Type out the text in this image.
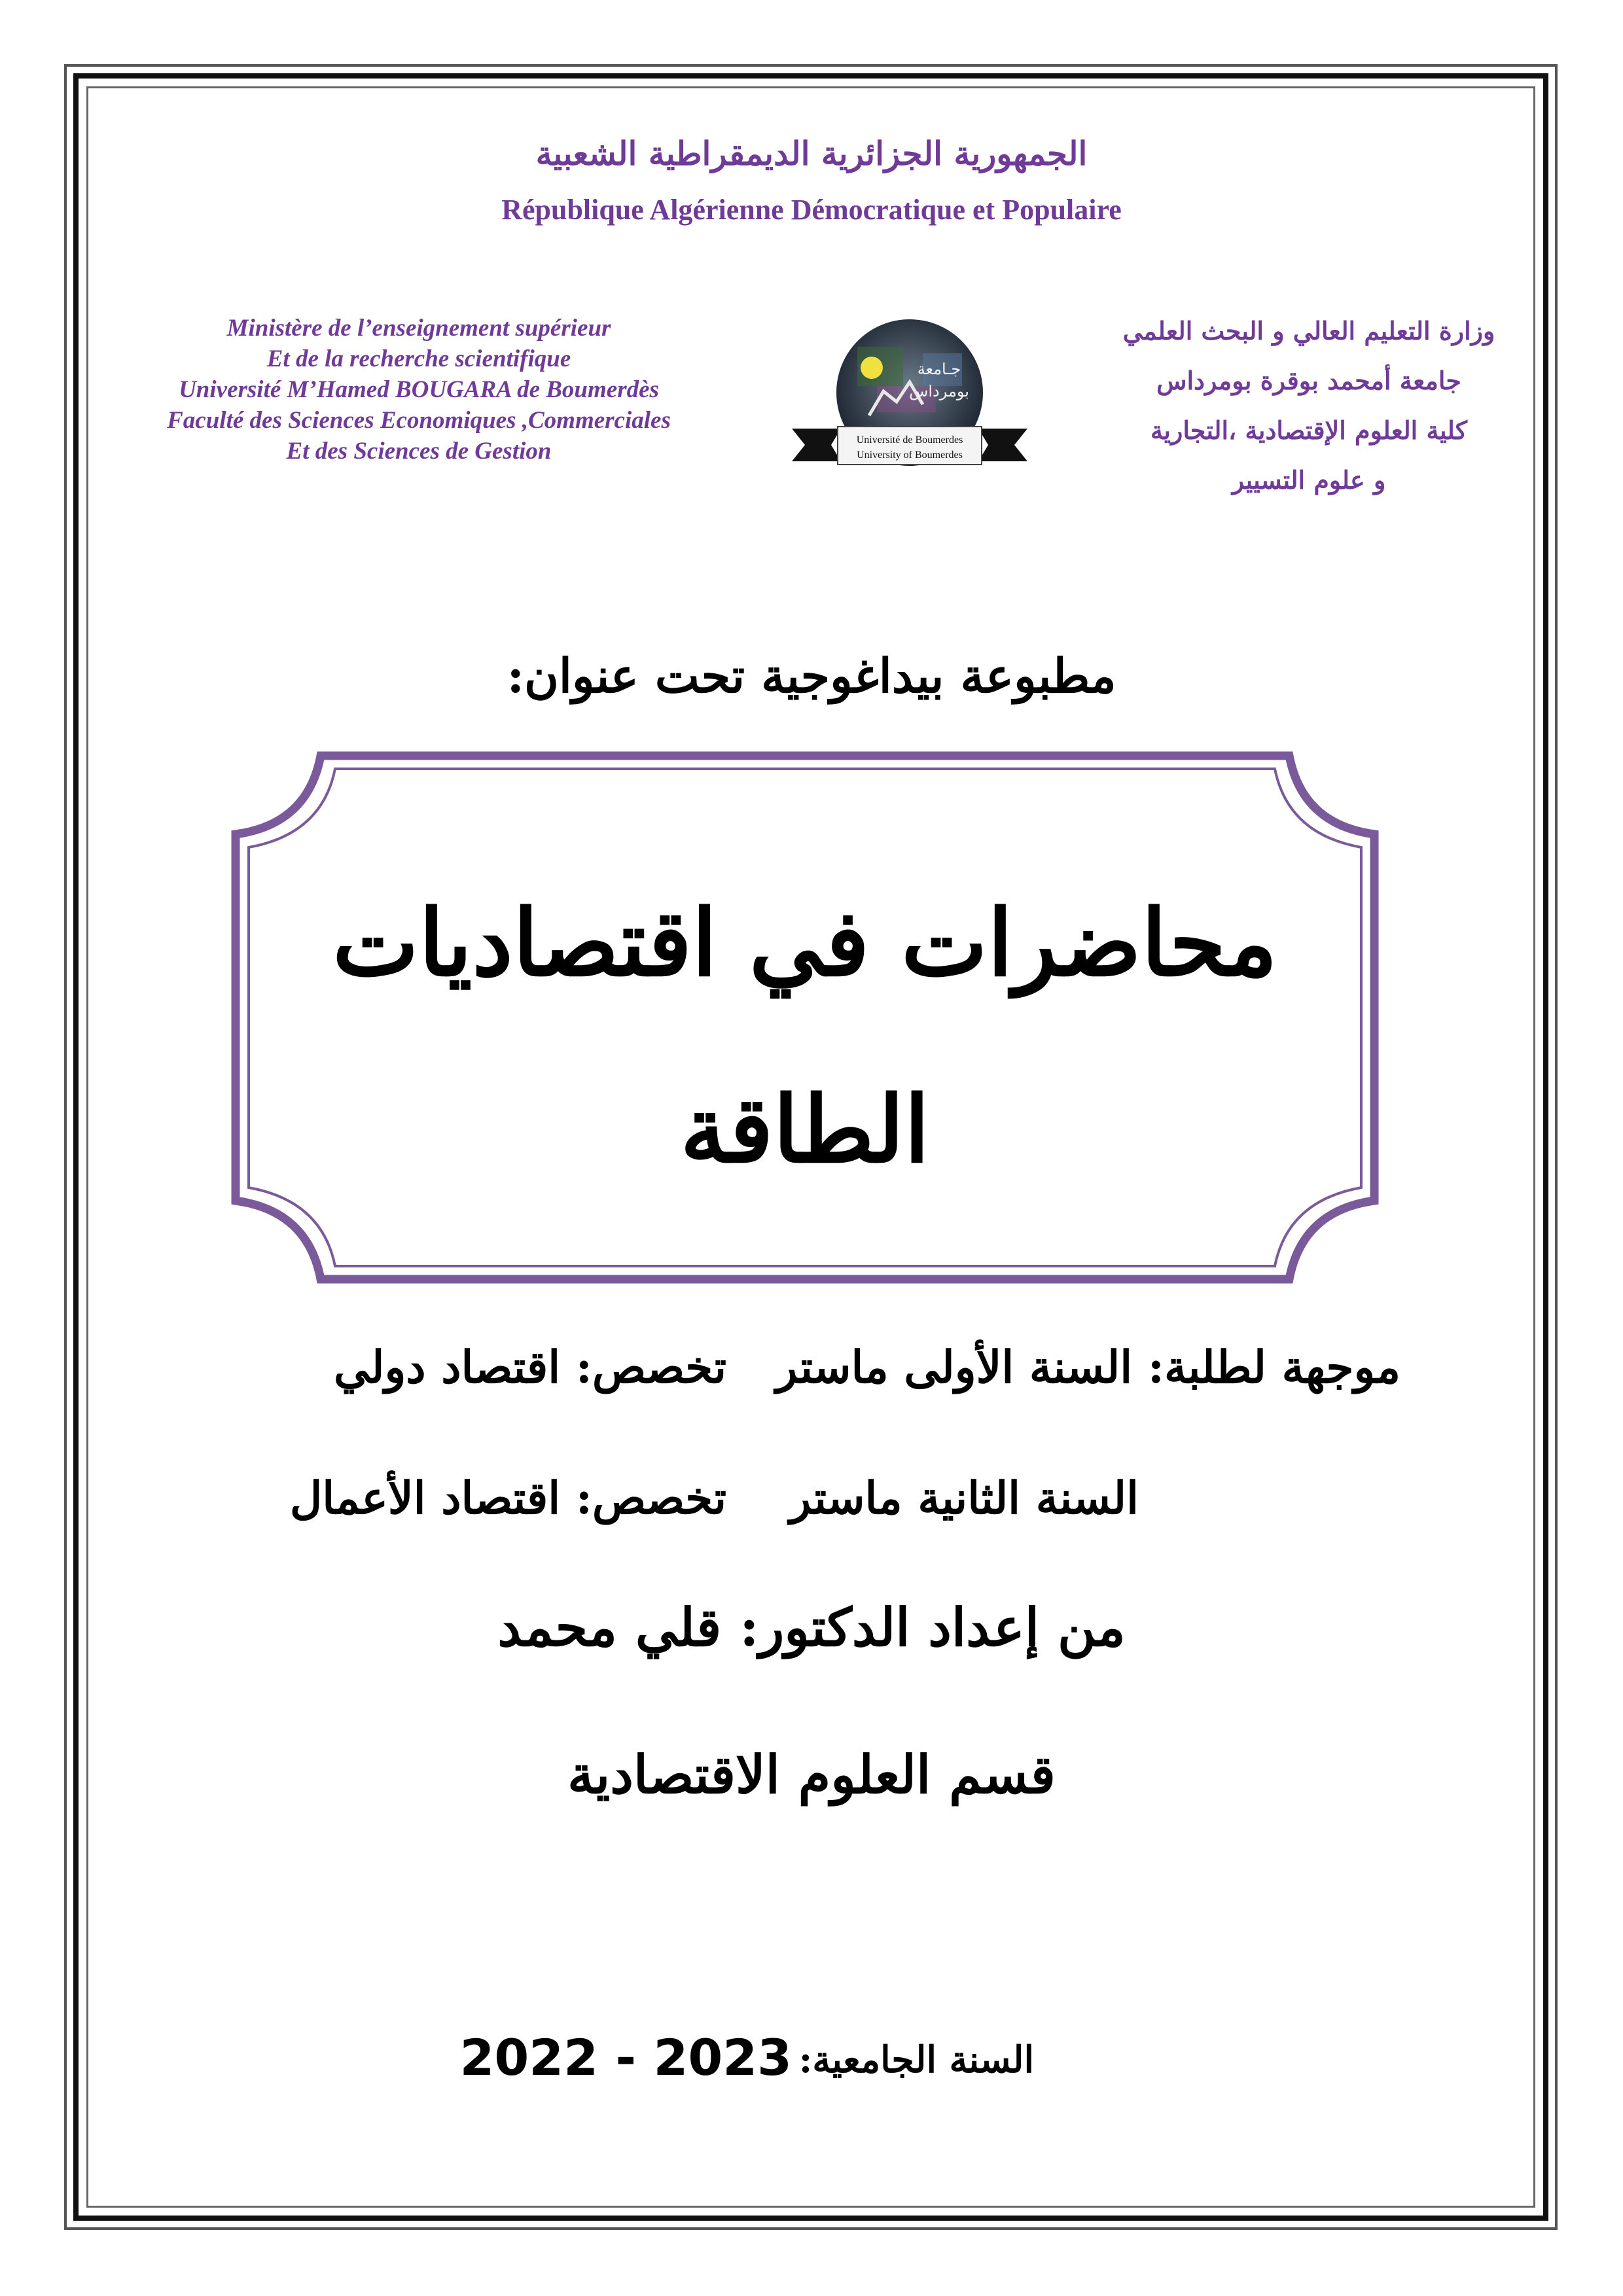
الجمهورية الجزائرية الديمقراطية الشعبية
République Algérienne Démocratique et Populaire
Ministère de l’enseignement supérieur
Et de la recherche scientifique
Université M’Hamed BOUGARA de Boumerdès
Faculté des Sciences Economiques ,Commerciales
Et des Sciences de Gestion
وزارة التعليم العالي و البحث العلمي
جامعة أمحمد بوقرة بومرداس
كلية العلوم الإقتصادية ،التجارية
و علوم التسيير
جـامعة
بومرداس
Université de Boumerdes
University of Boumerdes
مطبوعة بيداغوجية تحت عنوان:
محاضرات في اقتصاديات
الطاقة
موجهة لطلبة: السنة الأولى ماستر
تخصص: اقتصاد دولي
السنة الثانية ماستر
تخصص: اقتصاد الأعمال
من إعداد الدكتور: قلي محمد
قسم العلوم الاقتصادية
السنة الجامعية:
2022 - 2023
